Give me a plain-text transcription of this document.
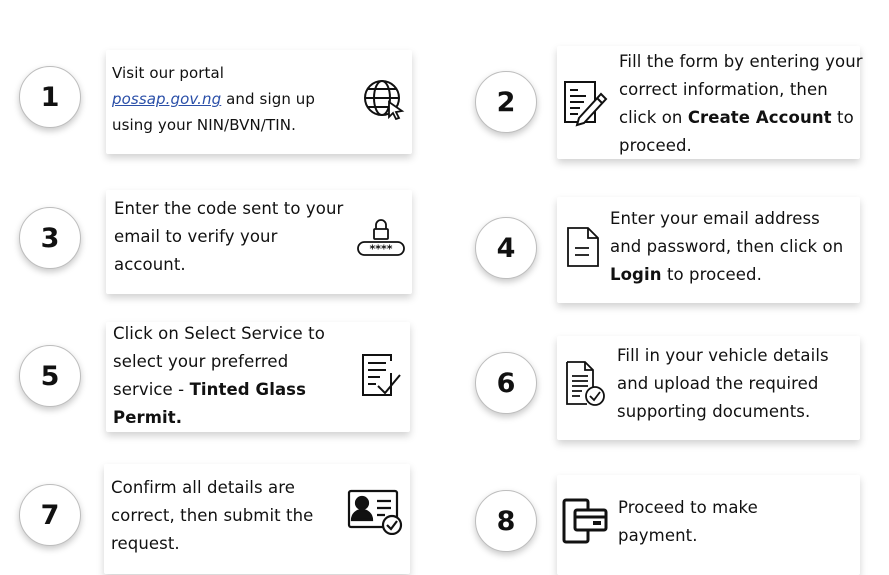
1
Visit our portal
possap.gov.ng and sign up using your NIN/BVN/TIN.
2
Fill the form by entering your correct information, then click on Create Account to proceed.
3
Enter the code sent to your email to verify your account.
****	4
Enter your email address and password, then click on Login to proceed.
5
Click on Select Service to select your preferred service - Tinted Glass Permit.
6
Fill in your vehicle details and upload the required supporting documents.
7
Confirm all details are correct, then submit the request.
8	Proceed to make payment.
